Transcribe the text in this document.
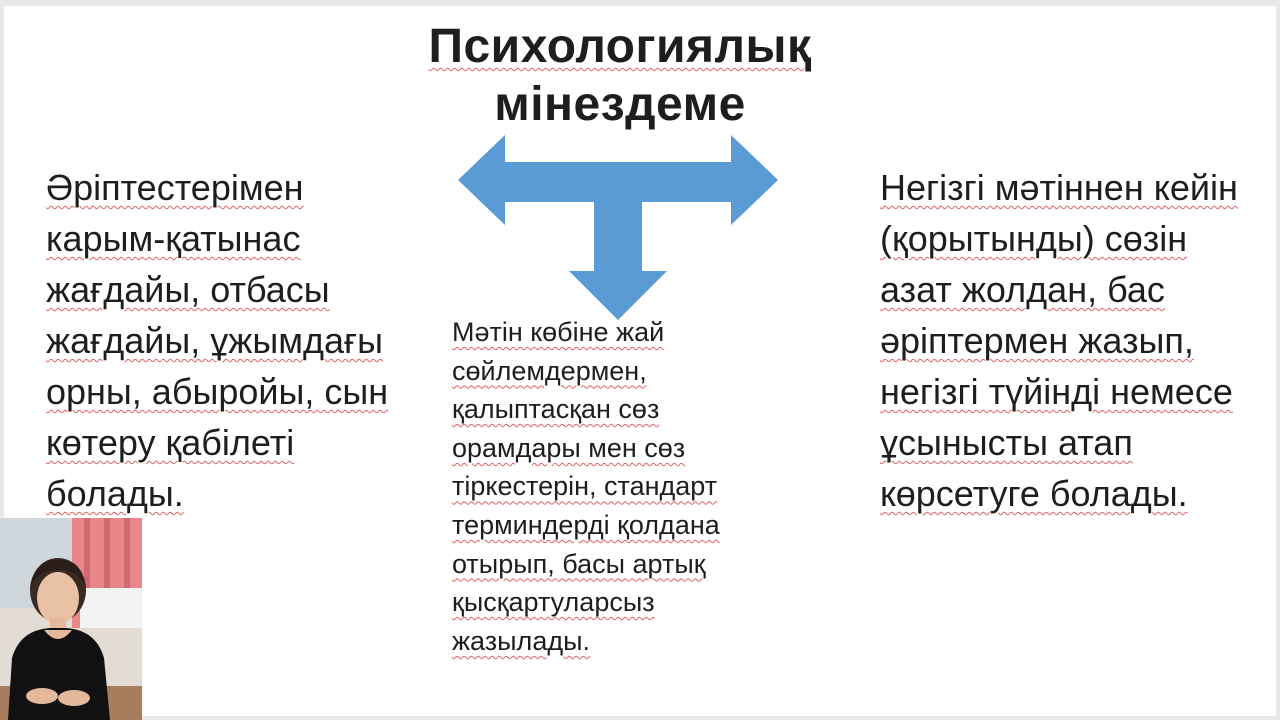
Психологиялық
мінездеме
Әріптестерімен карым-қатынас жағдайы, отбасы жағдайы, ұжымдағы орны, абыройы, сын көтеру қабілеті болады.
Мәтін көбіне жай сөйлемдермен, қалыптасқан сөз орамдары мен сөз тіркестерін, стандарт терминдерді қолдана отырып, басы артық қысқартуларсыз жазылады.
Негізгі мәтіннен кейін (қорытынды) сөзін азат жолдан, бас әріптермен жазып, негізгі түйінді немесе ұсынысты атап көрсетуге болады.
